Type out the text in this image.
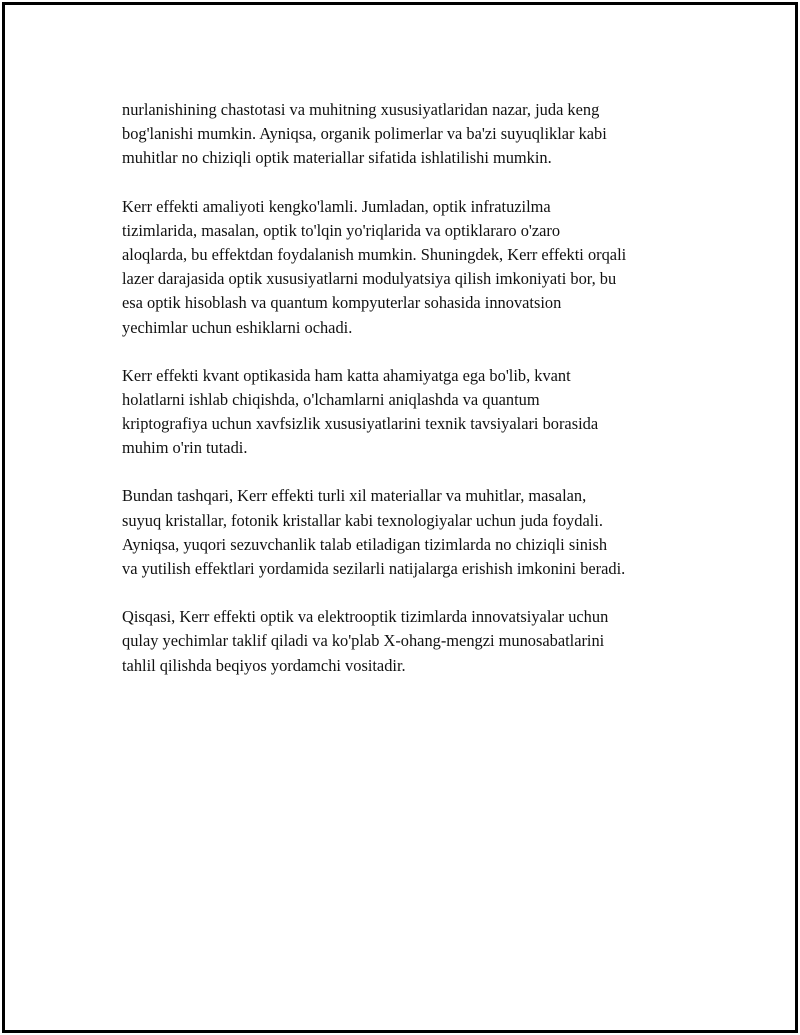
nurlanishining chastotasi va muhitning xususiyatlaridan nazar, juda keng
bog'lanishi mumkin. Ayniqsa, organik polimerlar va ba'zi suyuqliklar kabi
muhitlar no chiziqli optik materiallar sifatida ishlatilishi mumkin.

Kerr effekti amaliyoti kengko'lamli. Jumladan, optik infratuzilma
tizimlarida, masalan, optik to'lqin yo'riqlarida va optiklararo o'zaro
aloqlarda, bu effektdan foydalanish mumkin. Shuningdek, Kerr effekti orqali
lazer darajasida optik xususiyatlarni modulyatsiya qilish imkoniyati bor, bu
esa optik hisoblash va quantum kompyuterlar sohasida innovatsion
yechimlar uchun eshiklarni ochadi.

Kerr effekti kvant optikasida ham katta ahamiyatga ega bo'lib, kvant
holatlarni ishlab chiqishda, o'lchamlarni aniqlashda va quantum
kriptografiya uchun xavfsizlik xususiyatlarini texnik tavsiyalari borasida
muhim o'rin tutadi.

Bundan tashqari, Kerr effekti turli xil materiallar va muhitlar, masalan,
suyuq kristallar, fotonik kristallar kabi texnologiyalar uchun juda foydali.
Ayniqsa, yuqori sezuvchanlik talab etiladigan tizimlarda no chiziqli sinish
va yutilish effektlari yordamida sezilarli natijalarga erishish imkonini beradi.

Qisqasi, Kerr effekti optik va elektrooptik tizimlarda innovatsiyalar uchun
qulay yechimlar taklif qiladi va ko'plab X-ohang-mengzi munosabatlarini
tahlil qilishda beqiyos yordamchi vositadir.
